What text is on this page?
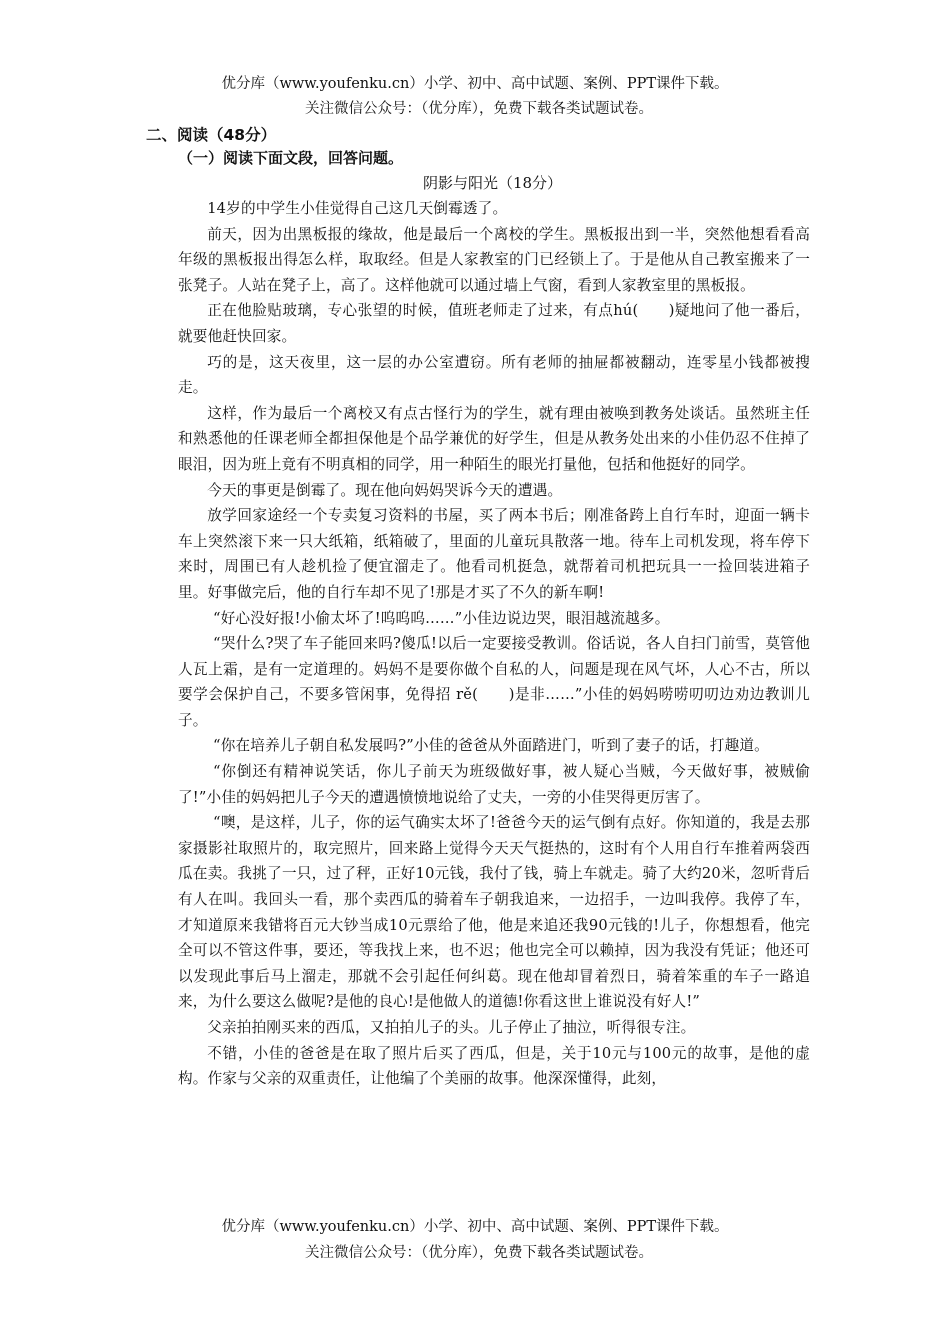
优分库（www.youfenku.cn）小学、初中、高中试题、案例、PPT课件下载。
关注微信公众号：（优分库），免费下载各类试题试卷。
二、阅读（48分）
（一）阅读下面文段，回答问题。
阴影与阳光（18分）

14岁的中学生小佳觉得自己这几天倒霉透了。

前天，因为出黑板报的缘故，他是最后一个离校的学生。黑板报出到一半，突然他想看看高年级的黑板报出得怎么样，取取经。但是人家教室的门已经锁上了。于是他从自己教室搬来了一张凳子。人站在凳子上，高了。这样他就可以通过墙上气窗，看到人家教室里的黑板报。

正在他脸贴玻璃，专心张望的时候，值班老师走了过来，有点hú(　　)疑地问了他一番后，就要他赶快回家。

巧的是，这天夜里，这一层的办公室遭窃。所有老师的抽屉都被翻动，连零星小钱都被搜走。

这样，作为最后一个离校又有点古怪行为的学生，就有理由被唤到教务处谈话。虽然班主任和熟悉他的任课老师全都担保他是个品学兼优的好学生，但是从教务处出来的小佳仍忍不住掉了眼泪，因为班上竟有不明真相的同学，用一种陌生的眼光打量他，包括和他挺好的同学。

今天的事更是倒霉了。现在他向妈妈哭诉今天的遭遇。

放学回家途经一个专卖复习资料的书屋，买了两本书后；刚准备跨上自行车时，迎面一辆卡车上突然滚下来一只大纸箱，纸箱破了，里面的儿童玩具散落一地。待车上司机发现，将车停下来时，周围已有人趁机捡了便宜溜走了。他看司机挺急，就帮着司机把玩具一一捡回装进箱子里。好事做完后，他的自行车却不见了!那是才买了不久的新车啊!

“好心没好报!小偷太坏了!呜呜呜……”小佳边说边哭，眼泪越流越多。

“哭什么?哭了车子能回来吗?傻瓜!以后一定要接受教训。俗话说，各人自扫门前雪，莫管他人瓦上霜，是有一定道理的。妈妈不是要你做个自私的人，问题是现在风气坏，人心不古，所以要学会保护自己，不要多管闲事，免得招 rě(　　)是非……”小佳的妈妈唠唠叨叨边劝边教训儿子。

“你在培养儿子朝自私发展吗?”小佳的爸爸从外面踏进门，听到了妻子的话，打趣道。

“你倒还有精神说笑话，你儿子前天为班级做好事，被人疑心当贼，今天做好事，被贼偷了!”小佳的妈妈把儿子今天的遭遇愤愤地说给了丈夫，一旁的小佳哭得更厉害了。

“噢，是这样，儿子，你的运气确实太坏了!爸爸今天的运气倒有点好。你知道的，我是去那家摄影社取照片的，取完照片，回来路上觉得今天天气挺热的，这时有个人用自行车推着两袋西瓜在卖。我挑了一只，过了秤，正好10元钱，我付了钱，骑上车就走。骑了大约20米，忽听背后有人在叫。我回头一看，那个卖西瓜的骑着车子朝我追来，一边招手，一边叫我停。我停了车，才知道原来我错将百元大钞当成10元票给了他，他是来追还我90元钱的!儿子，你想想看，他完全可以不管这件事，要还，等我找上来，也不迟；他也完全可以赖掉，因为我没有凭证；他还可以发现此事后马上溜走，那就不会引起任何纠葛。现在他却冒着烈日，骑着笨重的车子一路追来，为什么要这么做呢?是他的良心!是他做人的道德!你看这世上谁说没有好人!”

父亲拍拍刚买来的西瓜，又拍拍儿子的头。儿子停止了抽泣，听得很专注。

不错，小佳的爸爸是在取了照片后买了西瓜，但是，关于10元与100元的故事，是他的虚构。作家与父亲的双重责任，让他编了个美丽的故事。他深深懂得，此刻，

优分库（www.youfenku.cn）小学、初中、高中试题、案例、PPT课件下载。
关注微信公众号：（优分库），免费下载各类试题试卷。
